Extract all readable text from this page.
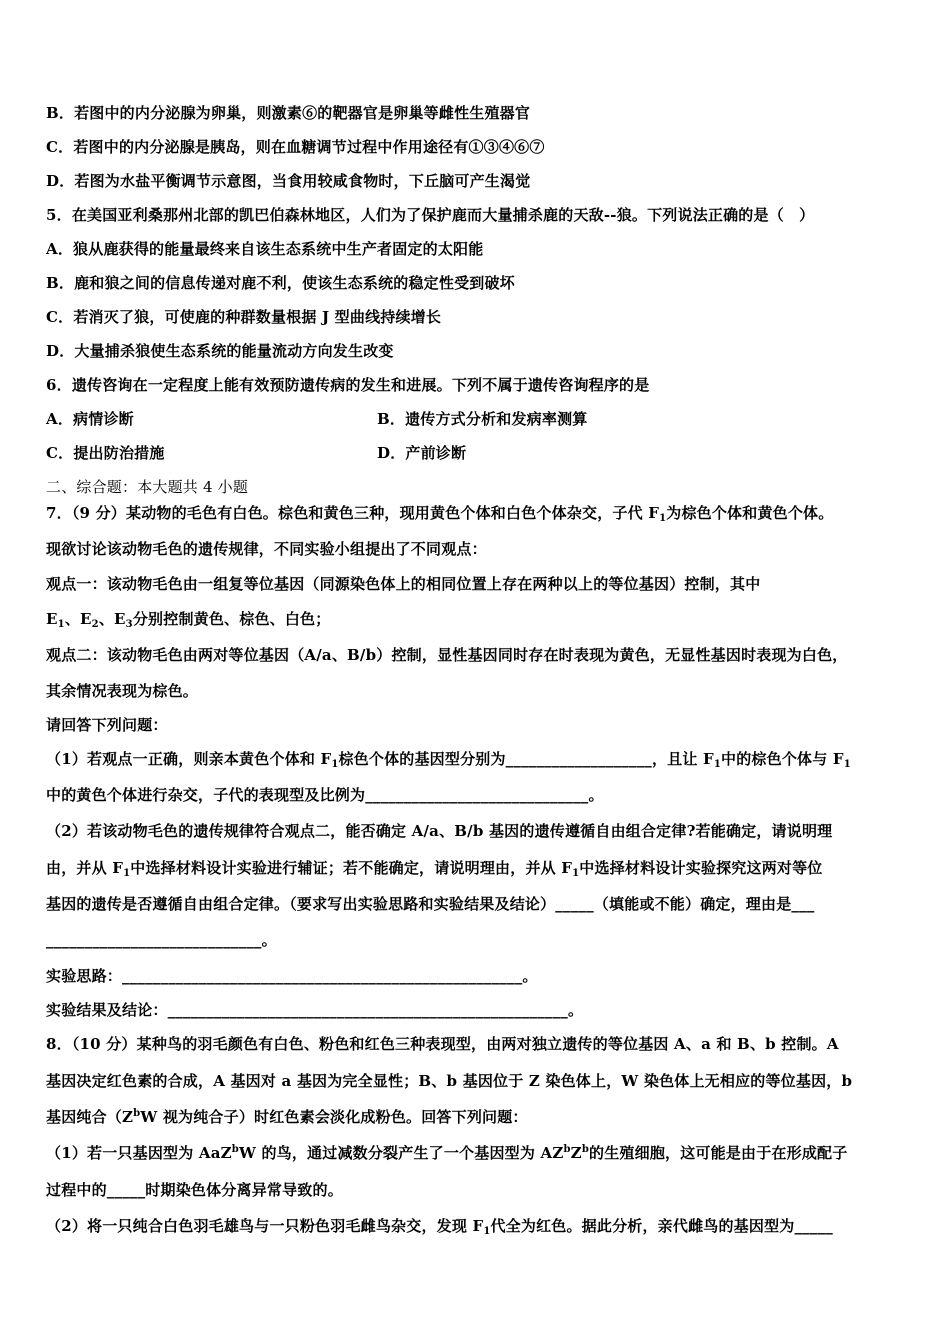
B．若图中的内分泌腺为卵巢，则激素⑥的靶器官是卵巢等雌性生殖器官
C．若图中的内分泌腺是胰岛，则在血糖调节过程中作用途径有①③④⑥⑦
D．若图为水盐平衡调节示意图，当食用较咸食物时，下丘脑可产生渴觉
5．在美国亚利桑那州北部的凯巴伯森林地区，人们为了保护鹿而大量捕杀鹿的天敌--狼。下列说法正确的是（　）
A．狼从鹿获得的能量最终来自该生态系统中生产者固定的太阳能
B．鹿和狼之间的信息传递对鹿不利，使该生态系统的稳定性受到破坏
C．若消灭了狼，可使鹿的种群数量根据 J 型曲线持续增长
D．大量捕杀狼使生态系统的能量流动方向发生改变
6．遗传咨询在一定程度上能有效预防遗传病的发生和进展。下列不属于遗传咨询程序的是
A．病情诊断	B．遗传方式分析和发病率测算
C．提出防治措施	D．产前诊断
二、综合题：本大题共 4 小题
7．（9 分）某动物的毛色有白色。棕色和黄色三种，现用黄色个体和白色个体杂交，子代 $F_1$为棕色个体和黄色个体。
现欲讨论该动物毛色的遗传规律，不同实验小组提出了不同观点：
观点一：该动物毛色由一组复等位基因（同源染色体上的相同位置上存在两种以上的等位基因）控制，其中
$E_1$、$E_2$、$E_3$分别控制黄色、棕色、白色；
观点二：该动物毛色由两对等位基因（A/a、B/b）控制，显性基因同时存在时表现为黄色，无显性基因时表现为白色，
其余情况表现为棕色。
请回答下列问题：
（1）若观点一正确，则亲本黄色个体和 $F_1$棕色个体的基因型分别为___________________，且让 $F_1$中的棕色个体与 $F_1$
中的黄色个体进行杂交，子代的表现型及比例为_____________________________。
（2）若该动物毛色的遗传规律符合观点二，能否确定 A/a、B/b 基因的遗传遵循自由组合定律?若能确定，请说明理
由，并从 $F_1$中选择材料设计实验进行辅证；若不能确定，请说明理由，并从 $F_1$中选择材料设计实验探究这两对等位
基因的遗传是否遵循自由组合定律。（要求写出实验思路和实验结果及结论）_____（填能或不能）确定，理由是___
____________________________。
实验思路：____________________________________________________。
实验结果及结论：____________________________________________________。
8．（10 分）某种鸟的羽毛颜色有白色、粉色和红色三种表现型，由两对独立遗传的等位基因 A、a 和 B、b 控制。A
基因决定红色素的合成，A 基因对 a 基因为完全显性；B、b 基因位于 Z 染色体上，W 染色体上无相应的等位基因，b
基因纯合（$Z^bW$ 视为纯合子）时红色素会淡化成粉色。回答下列问题：
（1）若一只基因型为 AaZ$^b$W 的鸟，通过减数分裂产生了一个基因型为 $AZ^bZ^b$的生殖细胞，这可能是由于在形成配子
过程中的_____时期染色体分离异常导致的。
（2）将一只纯合白色羽毛雄鸟与一只粉色羽毛雌鸟杂交，发现 $F_1$代全为红色。据此分析，亲代雌鸟的基因型为_____
